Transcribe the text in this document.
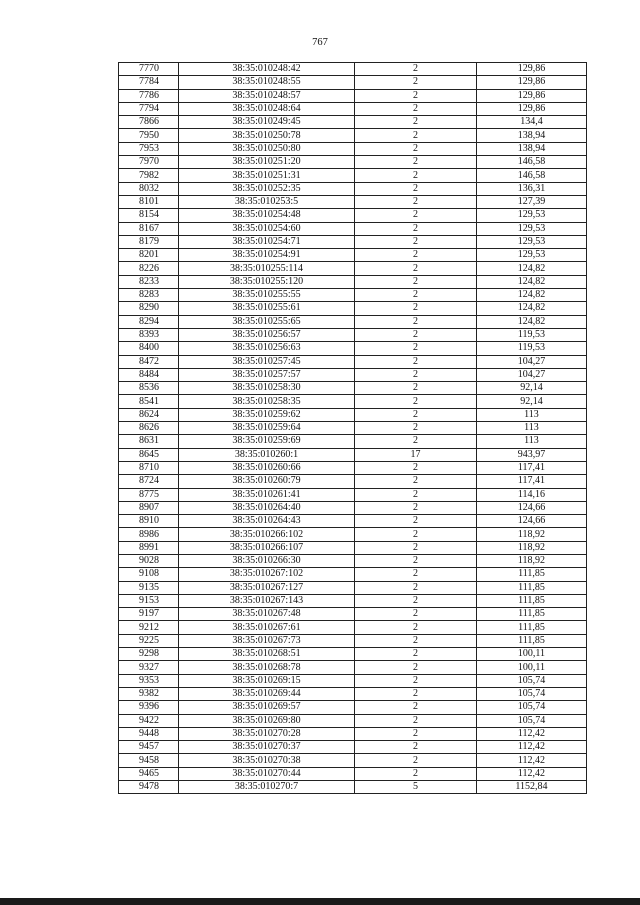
767
7770	38:35:010248:42	2	129,86
7784	38:35:010248:55	2	129,86
7786	38:35:010248:57	2	129,86
7794	38:35:010248:64	2	129,86
7866	38:35:010249:45	2	134,4
7950	38:35:010250:78	2	138,94
7953	38:35:010250:80	2	138,94
7970	38:35:010251:20	2	146,58
7982	38:35:010251:31	2	146,58
8032	38:35:010252:35	2	136,31
8101	38:35:010253:5	2	127,39
8154	38:35:010254:48	2	129,53
8167	38:35:010254:60	2	129,53
8179	38:35:010254:71	2	129,53
8201	38:35:010254:91	2	129,53
8226	38:35:010255:114	2	124,82
8233	38:35:010255:120	2	124,82
8283	38:35:010255:55	2	124,82
8290	38:35:010255:61	2	124,82
8294	38:35:010255:65	2	124,82
8393	38:35:010256:57	2	119,53
8400	38:35:010256:63	2	119,53
8472	38:35:010257:45	2	104,27
8484	38:35:010257:57	2	104,27
8536	38:35:010258:30	2	92,14
8541	38:35:010258:35	2	92,14
8624	38:35:010259:62	2	113
8626	38:35:010259:64	2	113
8631	38:35:010259:69	2	113
8645	38:35:010260:1	17	943,97
8710	38:35:010260:66	2	117,41
8724	38:35:010260:79	2	117,41
8775	38:35:010261:41	2	114,16
8907	38:35:010264:40	2	124,66
8910	38:35:010264:43	2	124,66
8986	38:35:010266:102	2	118,92
8991	38:35:010266:107	2	118,92
9028	38:35:010266:30	2	118,92
9108	38:35:010267:102	2	111,85
9135	38:35:010267:127	2	111,85
9153	38:35:010267:143	2	111,85
9197	38:35:010267:48	2	111,85
9212	38:35:010267:61	2	111,85
9225	38:35:010267:73	2	111,85
9298	38:35:010268:51	2	100,11
9327	38:35:010268:78	2	100,11
9353	38:35:010269:15	2	105,74
9382	38:35:010269:44	2	105,74
9396	38:35:010269:57	2	105,74
9422	38:35:010269:80	2	105,74
9448	38:35:010270:28	2	112,42
9457	38:35:010270:37	2	112,42
9458	38:35:010270:38	2	112,42
9465	38:35:010270:44	2	112,42
9478	38:35:010270:7	5	1152,84
